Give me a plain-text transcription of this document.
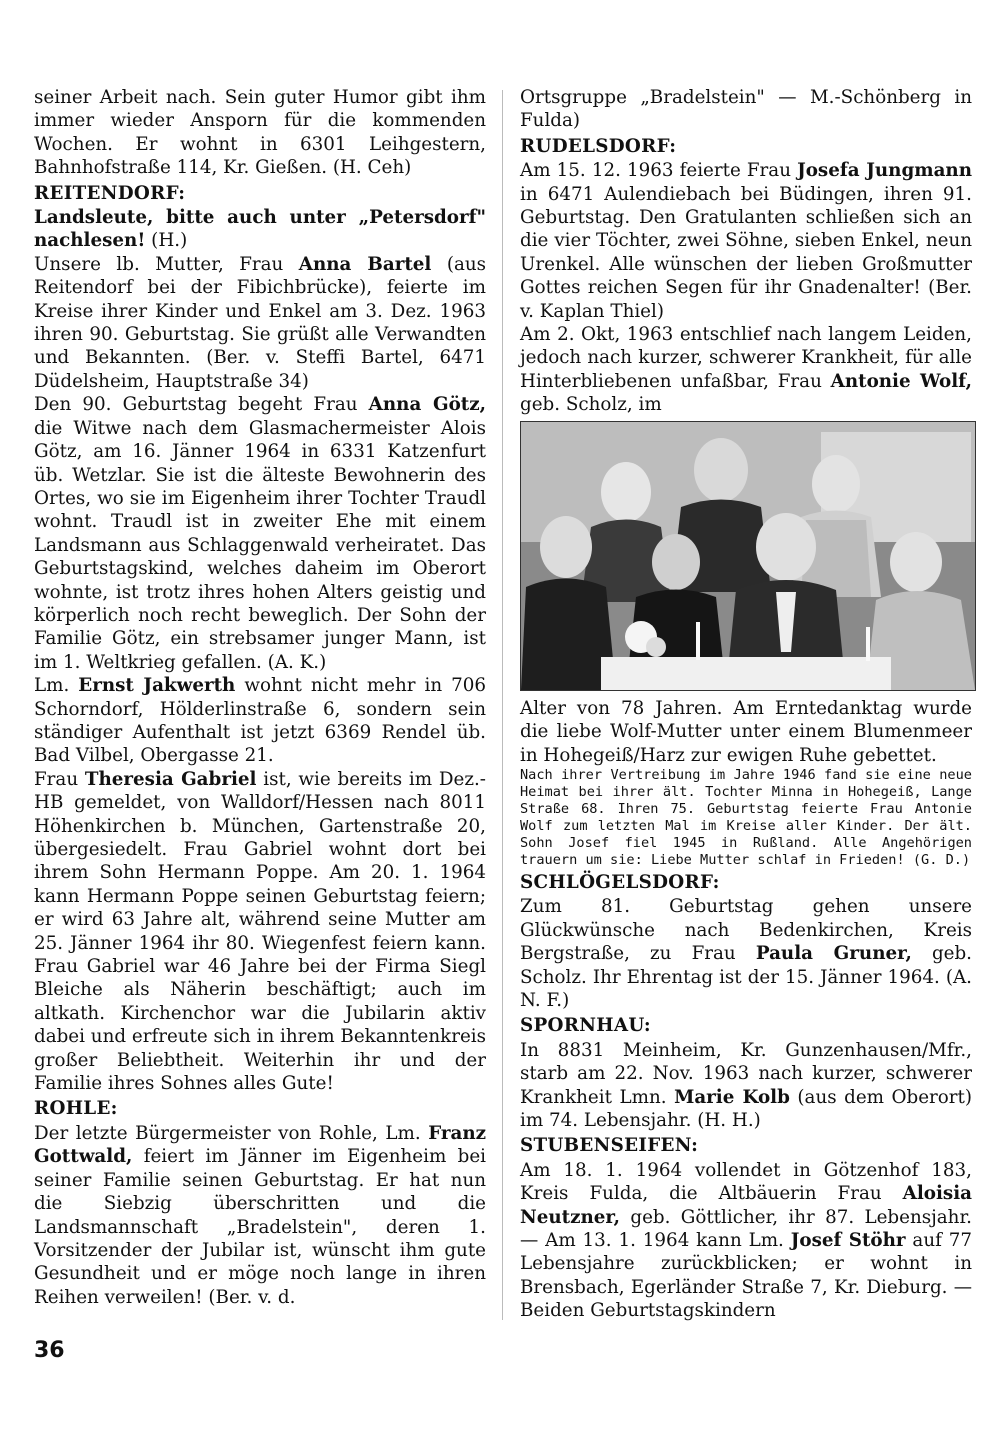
seiner Arbeit nach. Sein guter Humor gibt ihm immer wieder Ansporn für die kommenden Wochen. Er wohnt in 6301 Leihgestern, Bahnhofstraße 114, Kr. Gießen. (H. Ceh)

REITENDORF:

Landsleute, bitte auch unter „Petersdorf" nachlesen! (H.)

Unsere lb. Mutter, Frau Anna Bartel (aus Reitendorf bei der Fibichbrücke), feierte im Kreise ihrer Kinder und Enkel am 3. Dez. 1963 ihren 90. Geburtstag. Sie grüßt alle Verwandten und Bekannten. (Ber. v. Steffi Bartel, 6471 Düdelsheim, Hauptstraße 34)

Den 90. Geburtstag begeht Frau Anna Götz, die Witwe nach dem Glasmachermeister Alois Götz, am 16. Jänner 1964 in 6331 Katzenfurt üb. Wetzlar. Sie ist die älteste Bewohnerin des Ortes, wo sie im Eigenheim ihrer Tochter Traudl wohnt. Traudl ist in zweiter Ehe mit einem Landsmann aus Schlaggenwald verheiratet. Das Geburtstagskind, welches daheim im Oberort wohnte, ist trotz ihres hohen Alters geistig und körperlich noch recht beweglich. Der Sohn der Familie Götz, ein strebsamer junger Mann, ist im 1. Weltkrieg gefallen. (A. K.)

Lm. Ernst Jakwerth wohnt nicht mehr in 706 Schorndorf, Hölderlinstraße 6, sondern sein ständiger Aufenthalt ist jetzt 6369 Rendel üb. Bad Vilbel, Obergasse 21.

Frau Theresia Gabriel ist, wie bereits im Dez.-HB gemeldet, von Walldorf/Hessen nach 8011 Höhenkirchen b. München, Gartenstraße 20, übergesiedelt. Frau Gabriel wohnt dort bei ihrem Sohn Hermann Poppe. Am 20. 1. 1964 kann Hermann Poppe seinen Geburtstag feiern; er wird 63 Jahre alt, während seine Mutter am 25. Jänner 1964 ihr 80. Wiegenfest feiern kann. Frau Gabriel war 46 Jahre bei der Firma Siegl Bleiche als Näherin beschäftigt; auch im altkath. Kirchenchor war die Jubilarin aktiv dabei und erfreute sich in ihrem Bekanntenkreis großer Beliebtheit. Weiterhin ihr und der Familie ihres Sohnes alles Gute!

ROHLE:

Der letzte Bürgermeister von Rohle, Lm. Franz Gottwald, feiert im Jänner im Eigenheim bei seiner Familie seinen Geburtstag. Er hat nun die Siebzig überschritten und die Landsmannschaft „Bradelstein", deren 1. Vorsitzender der Jubilar ist, wünscht ihm gute Gesundheit und er möge noch lange in ihren Reihen verweilen! (Ber. v. d.

Ortsgruppe „Bradelstein" — M.-Schönberg in Fulda)

RUDELSDORF:

Am 15. 12. 1963 feierte Frau Josefa Jungmann in 6471 Aulendiebach bei Büdingen, ihren 91. Geburtstag. Den Gratulanten schließen sich an die vier Töchter, zwei Söhne, sieben Enkel, neun Urenkel. Alle wünschen der lieben Großmutter Gottes reichen Segen für ihr Gnadenalter! (Ber. v. Kaplan Thiel)

Am 2. Okt, 1963 entschlief nach langem Leiden, jedoch nach kurzer, schwerer Krankheit, für alle Hinterbliebenen unfaßbar, Frau Antonie Wolf, geb. Scholz, im

Alter von 78 Jahren. Am Erntedanktag wurde die liebe Wolf-Mutter unter einem Blumenmeer in Hohegeiß/Harz zur ewigen Ruhe gebettet.

Nach ihrer Vertreibung im Jahre 1946 fand sie eine neue Heimat bei ihrer ält. Tochter Minna in Hohegeiß, Lange Straße 68. Ihren 75. Geburtstag feierte Frau Antonie Wolf zum letzten Mal im Kreise aller Kinder. Der ält. Sohn Josef fiel 1945 in Rußland. Alle Angehörigen trauern um sie: Liebe Mutter schlaf in Frieden! (G. D.)

SCHLÖGELSDORF:

Zum 81. Geburtstag gehen unsere Glückwünsche nach Bedenkirchen, Kreis Bergstraße, zu Frau Paula Gruner, geb. Scholz. Ihr Ehrentag ist der 15. Jänner 1964. (A. N. F.)

SPORNHAU:

In 8831 Meinheim, Kr. Gunzenhausen/Mfr., starb am 22. Nov. 1963 nach kurzer, schwerer Krankheit Lmn. Marie Kolb (aus dem Oberort) im 74. Lebensjahr. (H. H.)

STUBENSEIFEN:

Am 18. 1. 1964 vollendet in Götzenhof 183, Kreis Fulda, die Altbäuerin Frau Aloisia Neutzner, geb. Göttlicher, ihr 87. Lebensjahr. — Am 13. 1. 1964 kann Lm. Josef Stöhr auf 77 Lebensjahre zurückblicken; er wohnt in Brensbach, Egerländer Straße 7, Kr. Dieburg. — Beiden Geburtstagskindern

36
